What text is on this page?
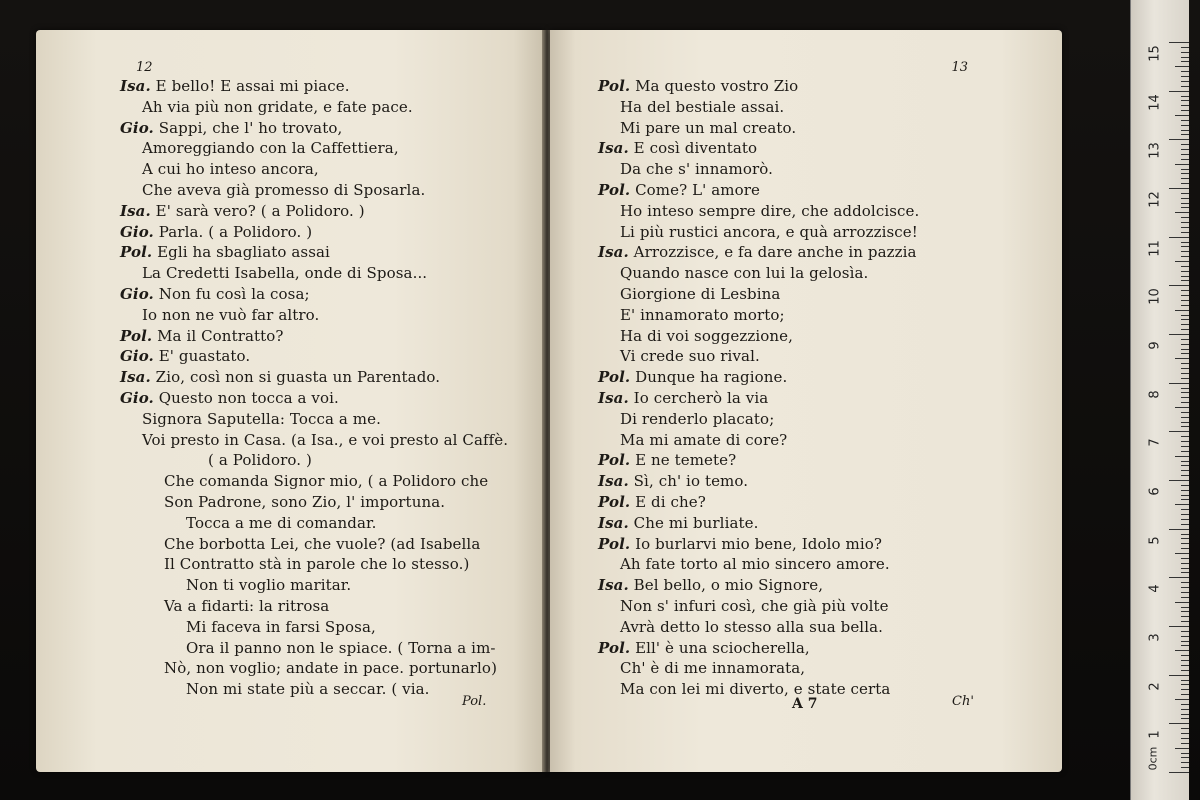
12
Isa. E bello! E assai mi piace.
Ah via più non gridate, e fate pace.
Gio. Sappi, che l' ho trovato,
Amoreggiando con la Caffettiera,
A cui ho inteso ancora,
Che aveva già promesso di Sposarla.
Isa. E' sarà vero? ( a Polidoro. )
Gio. Parla. ( a Polidoro. )
Pol. Egli ha sbagliato assai
La Credetti Isabella, onde di Sposa...
Gio. Non fu così la cosa;
Io non ne vuò far altro.
Pol. Ma il Contratto?
Gio. E' guastato.
Isa. Zio, così non si guasta un Parentado.
Gio. Questo non tocca a voi.
Signora Saputella: Tocca a me.
Voi presto in Casa. (a Isa., e voi presto al Caffè.
( a Polidoro. )
Che comanda Signor mio, ( a Polidoro che
Son Padrone, sono Zio, l' importuna.
Tocca a me di comandar.
Che borbotta Lei, che vuole? (ad Isabella
Il Contratto stà in parole che lo stesso.)
Non ti voglio maritar.
Va a fidarti: la ritrosa
Mi faceva in farsi Sposa,
Ora il panno non le spiace. ( Torna a im-
Nò, non voglio; andate in pace. portunarlo)
Non mi state più a seccar. ( via.
Pol.
13
Pol. Ma questo vostro Zio
Ha del bestiale assai.
Mi pare un mal creato.
Isa. E così diventato
Da che s' innamorò.
Pol. Come? L' amore
Ho inteso sempre dire, che addolcisce.
Li più rustici ancora, e quà arrozzisce!
Isa. Arrozzisce, e fa dare anche in pazzia
Quando nasce con lui la gelosìa.
Giorgione di Lesbina
E' innamorato morto;
Ha di voi soggezzione,
Vi crede suo rival.
Pol. Dunque ha ragione.
Isa. Io cercherò la via
Di renderlo placato;
Ma mi amate di core?
Pol. E ne temete?
Isa. Sì, ch' io temo.
Pol. E di che?
Isa. Che mi burliate.
Pol. Io burlarvi mio bene, Idolo mio?
Ah fate torto al mio sincero amore.
Isa. Bel bello, o mio Signore,
Non s' infuri così, che già più volte
Avrà detto lo stesso alla sua bella.
Pol. Ell' è una sciocherella,
Ch' è di me innamorata,
Ma con lei mi diverto, e state certa
A 7	Ch'
0cm
15
14
13
12
11
10
9
8
7
6
5
4
3
2
1
